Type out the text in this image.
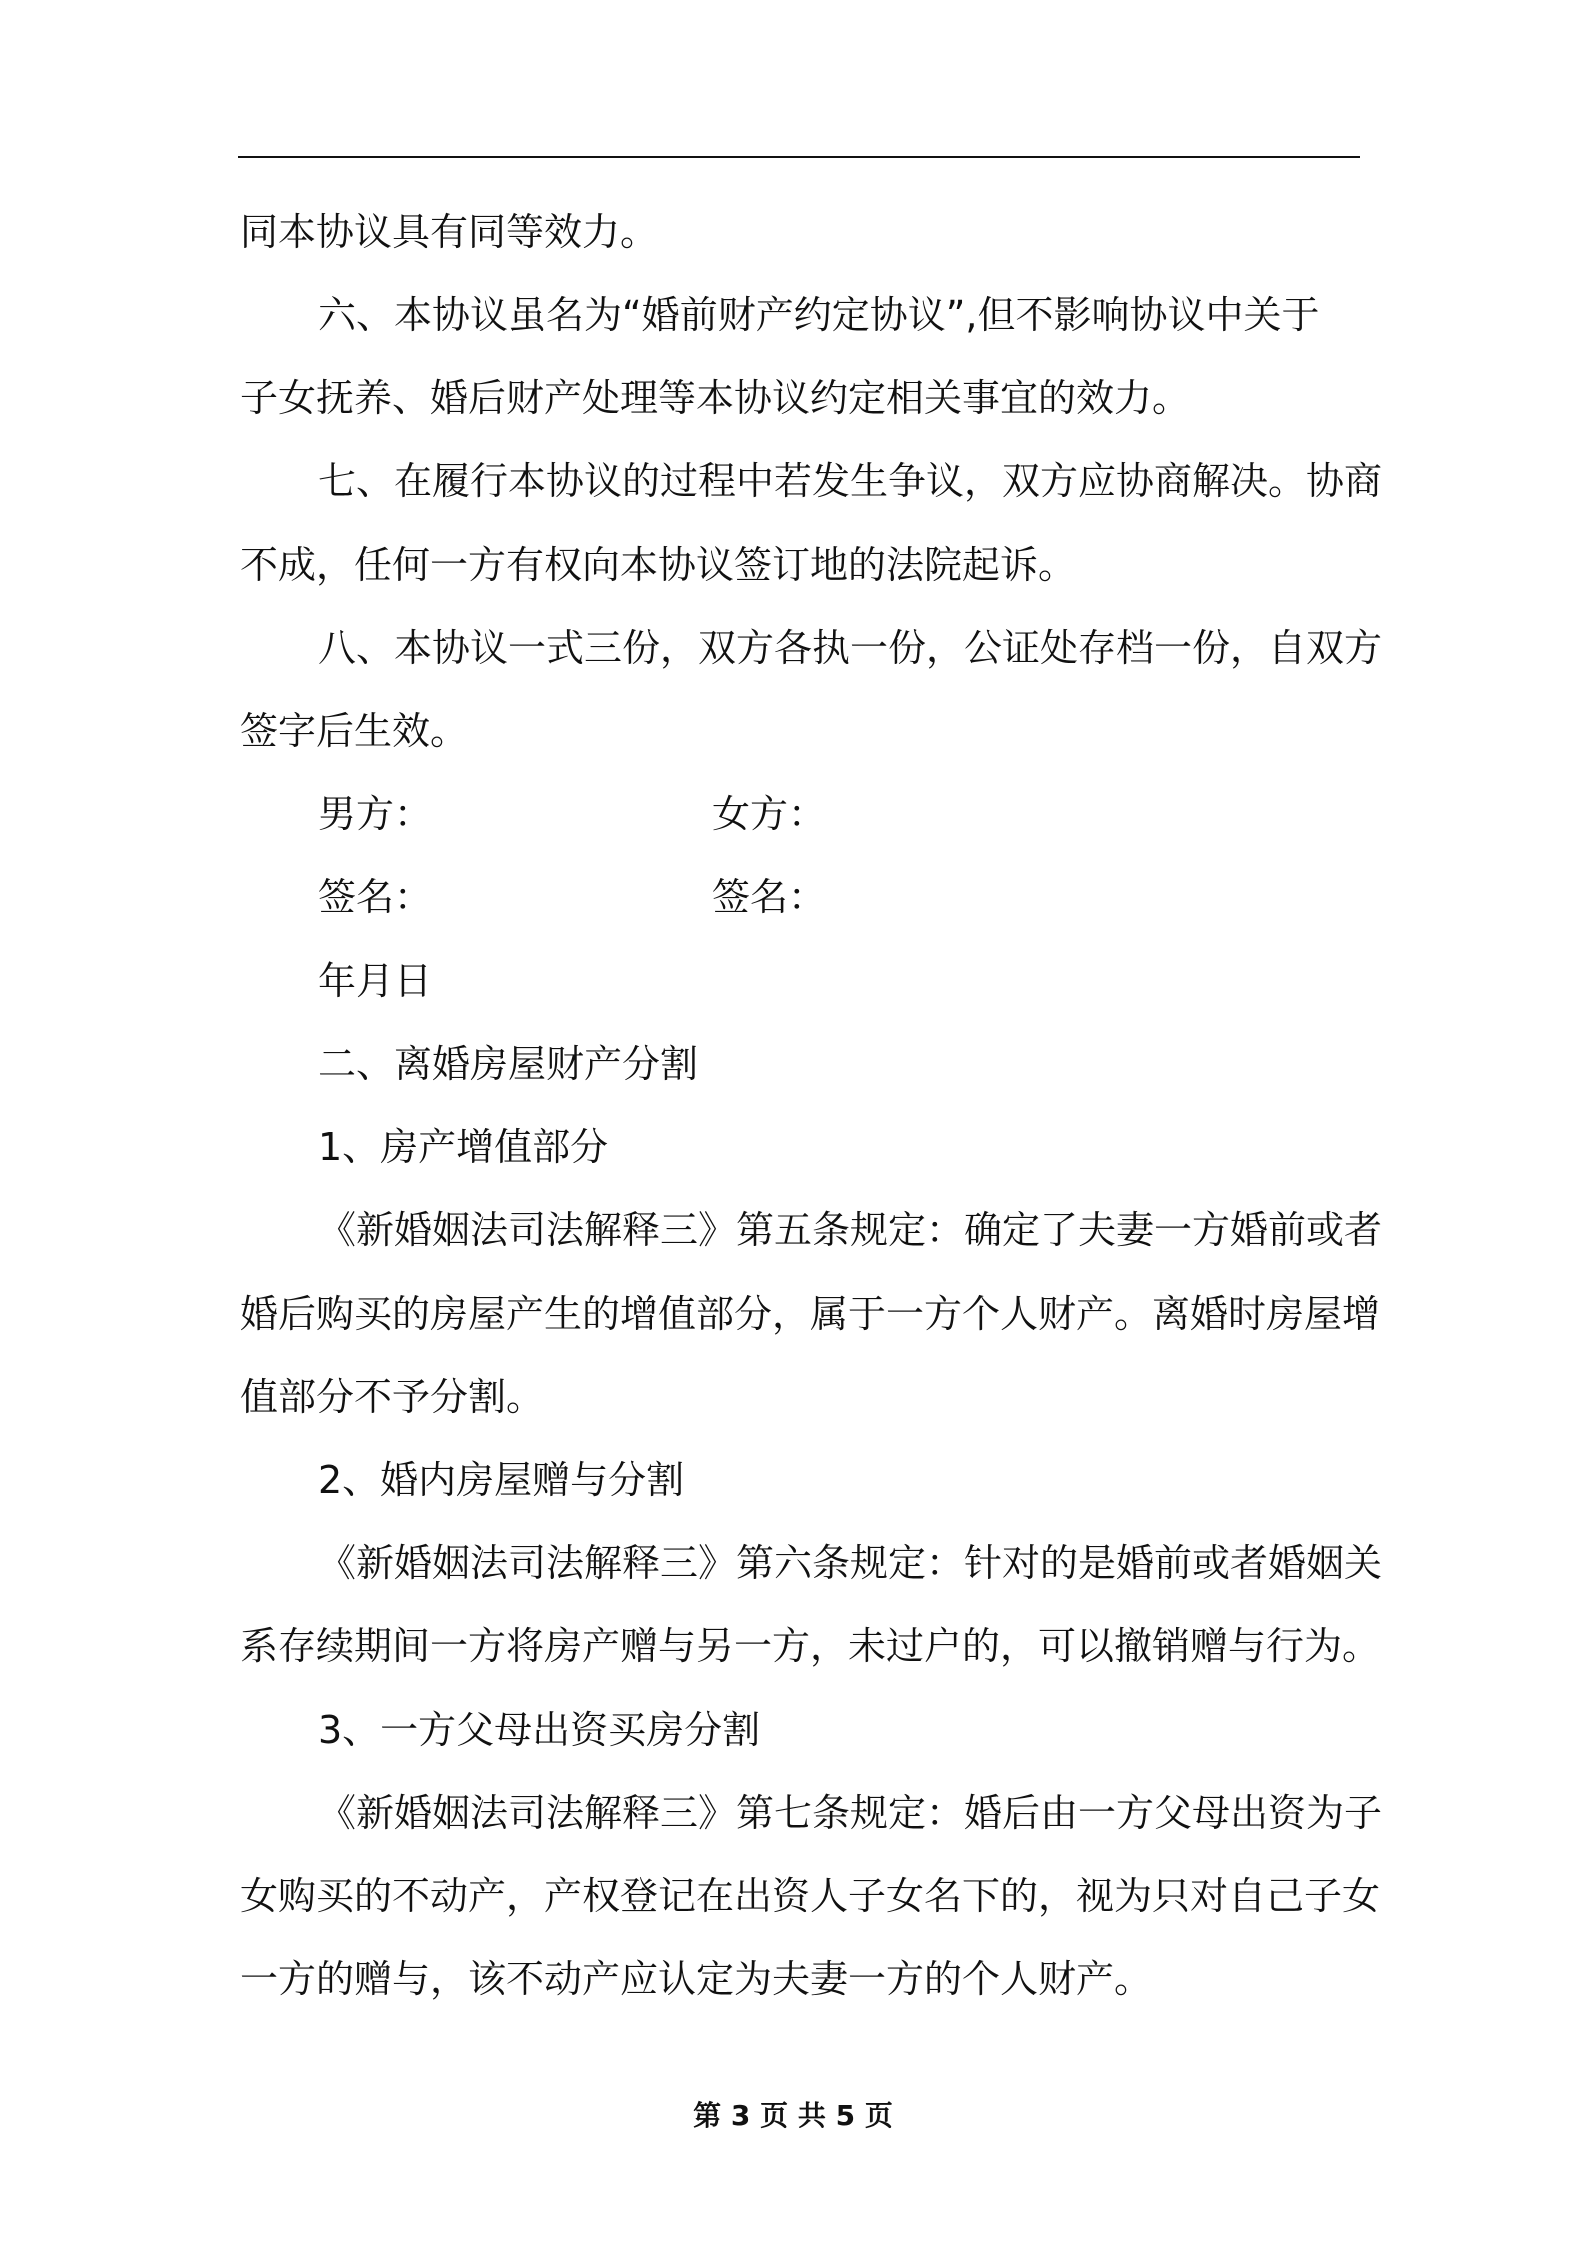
同本协议具有同等效力。
六、本协议虽名为“婚前财产约定协议”,但不影响协议中关于
子女抚养、婚后财产处理等本协议约定相关事宜的效力。
七、在履行本协议的过程中若发生争议，双方应协商解决。协商
不成，任何一方有权向本协议签订地的法院起诉。
八、本协议一式三份，双方各执一份，公证处存档一份，自双方
签字后生效。
男方：	女方：
签名：	签名：
年月日
二、离婚房屋财产分割
1、房产增值部分
《新婚姻法司法解释三》第五条规定：确定了夫妻一方婚前或者
婚后购买的房屋产生的增值部分，属于一方个人财产。离婚时房屋增
值部分不予分割。
2、婚内房屋赠与分割
《新婚姻法司法解释三》第六条规定：针对的是婚前或者婚姻关
系存续期间一方将房产赠与另一方，未过户的，可以撤销赠与行为。
3、一方父母出资买房分割
《新婚姻法司法解释三》第七条规定：婚后由一方父母出资为子
女购买的不动产，产权登记在出资人子女名下的，视为只对自己子女
一方的赠与，该不动产应认定为夫妻一方的个人财产。
第 3 页 共 5 页
